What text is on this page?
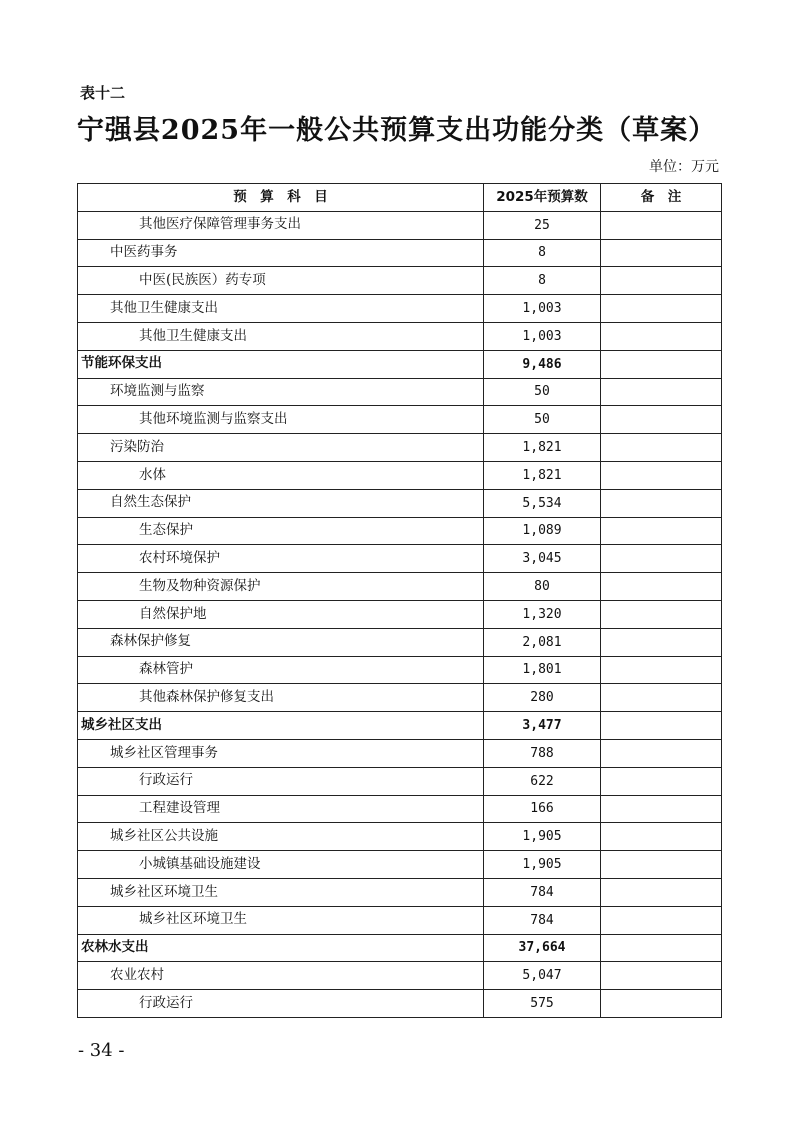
表十二
宁强县2025年一般公共预算支出功能分类（草案）
单位：万元
预　算　科　目	2025年预算数	备　注
其他医疗保障管理事务支出	25	
中医药事务	8	
中医(民族医）药专项	8	
其他卫生健康支出	1,003	
其他卫生健康支出	1,003	
节能环保支出	9,486	
环境监测与监察	50	
其他环境监测与监察支出	50	
污染防治	1,821	
水体	1,821	
自然生态保护	5,534	
生态保护	1,089	
农村环境保护	3,045	
生物及物种资源保护	80	
自然保护地	1,320	
森林保护修复	2,081	
森林管护	1,801	
其他森林保护修复支出	280	
城乡社区支出	3,477	
城乡社区管理事务	788	
行政运行	622	
工程建设管理	166	
城乡社区公共设施	1,905	
小城镇基础设施建设	1,905	
城乡社区环境卫生	784	
城乡社区环境卫生	784	
农林水支出	37,664	
农业农村	5,047	
行政运行	575	
- 34 -
